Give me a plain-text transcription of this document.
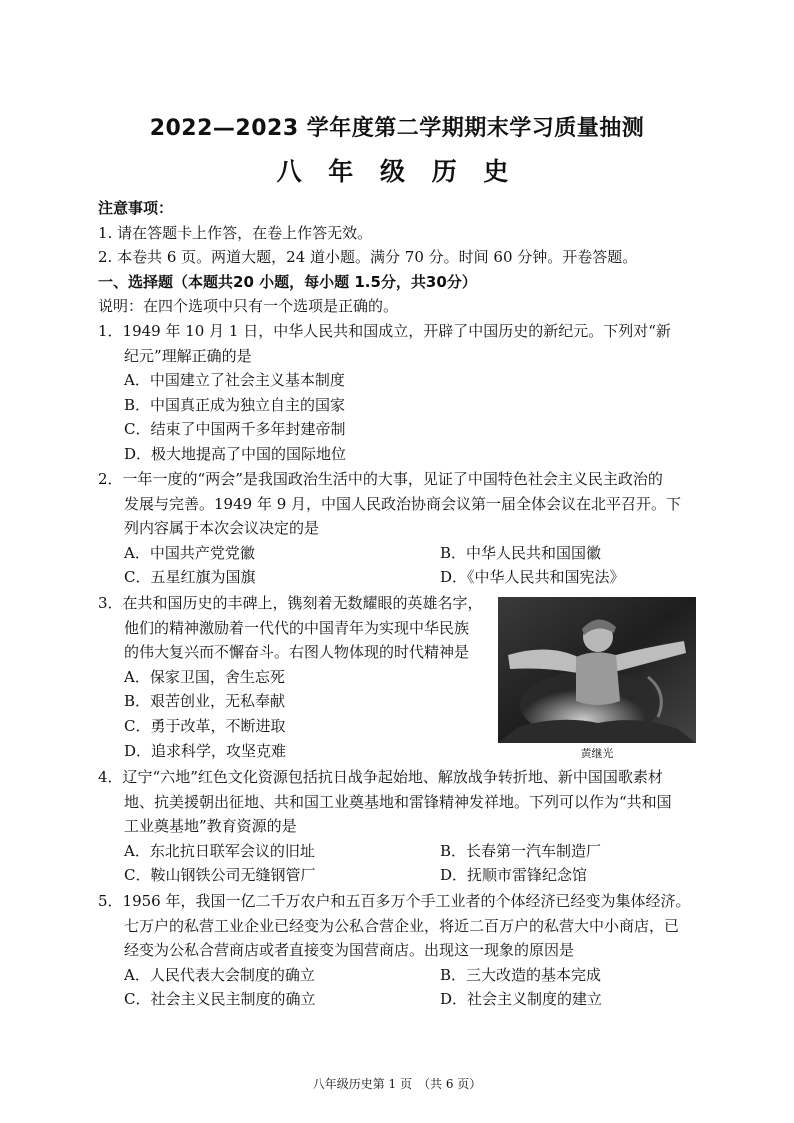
2022—2023 学年度第二学期期末学习质量抽测
八 年 级 历 史
注意事项：
1. 请在答题卡上作答，在卷上作答无效。
2. 本卷共 6 页。两道大题，24 道小题。满分 70 分。时间 60 分钟。开卷答题。
一、选择题（本题共20 小题，每小题 1.5分，共30分）
说明：在四个选项中只有一个选项是正确的。
1．1949 年 10 月 1 日，中华人民共和国成立，开辟了中国历史的新纪元。下列对“新
纪元”理解正确的是
A．中国建立了社会主义基本制度
B．中国真正成为独立自主的国家
C．结束了中国两千多年封建帝制
D．极大地提高了中国的国际地位
2．一年一度的“两会”是我国政治生活中的大事，见证了中国特色社会主义民主政治的
发展与完善。1949 年 9 月，中国人民政治协商会议第一届全体会议在北平召开。下
列内容属于本次会议决定的是
A．中国共产党党徽	B．中华人民共和国国徽
C．五星红旗为国旗	D．《中华人民共和国宪法》
3．在共和国历史的丰碑上，镌刻着无数耀眼的英雄名字，
他们的精神激励着一代代的中国青年为实现中华民族
的伟大复兴而不懈奋斗。右图人物体现的时代精神是
A．保家卫国，舍生忘死
B．艰苦创业，无私奉献
C．勇于改革，不断进取
D．追求科学，攻坚克难	黄继光
4．辽宁“六地”红色文化资源包括抗日战争起始地、解放战争转折地、新中国国歌素材
地、抗美援朝出征地、共和国工业奠基地和雷锋精神发祥地。下列可以作为“共和国
工业奠基地”教育资源的是
A．东北抗日联军会议的旧址	B．长春第一汽车制造厂
C．鞍山钢铁公司无缝钢管厂	D．抚顺市雷锋纪念馆
5．1956 年，我国一亿二千万农户和五百多万个手工业者的个体经济已经变为集体经济。
七万户的私营工业企业已经变为公私合营企业，将近二百万户的私营大中小商店，已
经变为公私合营商店或者直接变为国营商店。出现这一现象的原因是
A．人民代表大会制度的确立	B．三大改造的基本完成
C．社会主义民主制度的确立	D．社会主义制度的建立
八年级历史第 1 页　（共 6 页）
